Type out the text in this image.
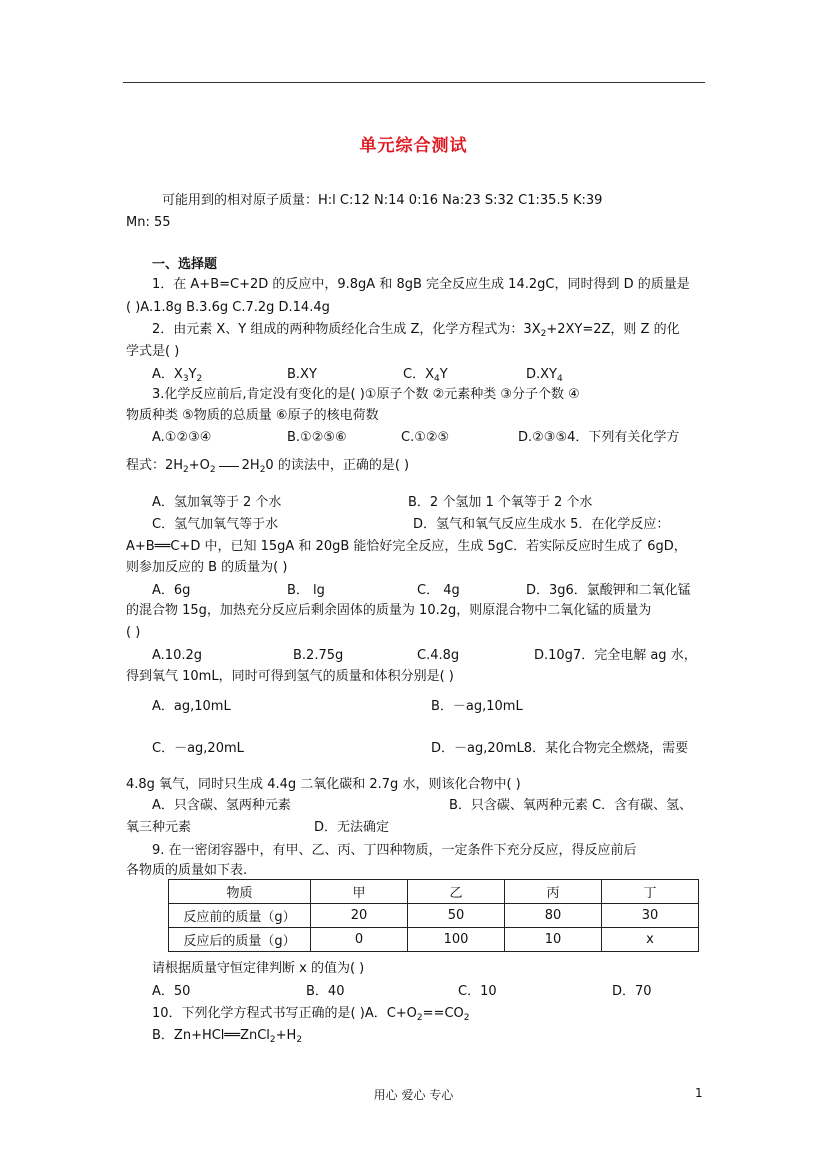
单元综合测试
可能用到的相对原子质量：H:l C:12 N:14 0:16 Na:23 S:32 C1:35.5 K:39
Mn: 55
一、选择题
1．在 A+B=C+2D 的反应中，9.8gA 和 8gB 完全反应生成 14.2gC，同时得到 D 的质量是
( )A.1.8g B.3.6g C.7.2g D.14.4g
2．由元素 X、Y 组成的两种物质经化合生成 Z，化学方程式为：$3X_2+2XY=2Z$，则 Z 的化
学式是( )
A．$X_3Y_2$	B.XY	C．$X_4Y$	$D.XY_4$
3.化学反应前后,肯定没有变化的是( )①原子个数 ②元素种类 ③分子个数 ④
物质种类 ⑤物质的总质量 ⑥原子的核电荷数
A.①②③④	B.①②⑤⑥	C.①②⑤	D.②③⑤4．下列有关化学方
程式：$2H_2+O_2$ $2H_20$ 的读法中，正确的是( )
A．氢加氧等于 2 个水	B．2 个氢加 1 个氧等于 2 个水
C．氢气加氧气等于水	D．氢气和氧气反应生成水 5．在化学反应：
A+B══C+D 中，已知 15gA 和 20gB 能恰好完全反应，生成 5gC．若实际反应时生成了 6gD，
则参加反应的 B 的质量为( )
A．6g	B． lg	C． 4g	D．3g6．氯酸钾和二氧化锰
的混合物 15g，加热充分反应后剩余固体的质量为 10.2g，则原混合物中二氧化锰的质量为
( )
A.10.2g	B.2.75g	C.4.8g	D.10g7．完全电解 ag 水，
得到氧气 10mL，同时可得到氢气的质量和体积分别是( )
A．ag,10mL	B．－ag,10mL
C．－ag,20mL	D．－ag,20mL8．某化合物完全燃烧，需要
4.8g 氧气，同时只生成 4.4g 二氧化碳和 2.7g 水，则该化合物中( )
A．只含碳、氢两种元素	B．只含碳、氧两种元素 C．含有碳、氢、
氧三种元素	D．无法确定
9. 在一密闭容器中，有甲、乙、丙、丁四种物质，一定条件下充分反应，得反应前后
各物质的质量如下表.
物质	甲	乙	丙	丁
反应前的质量（g）	20	50	80	30
反应后的质量（g）	0	100	10	x
请根据质量守恒定律判断 x 的值为( )
A．50	B．40	C．10	D．70
10．下列化学方程式书写正确的是( )A．$C+O_2==CO_2$
B．$Zn+HCl══ZnCl_2+H_2$
用心 爱心 专心	1
